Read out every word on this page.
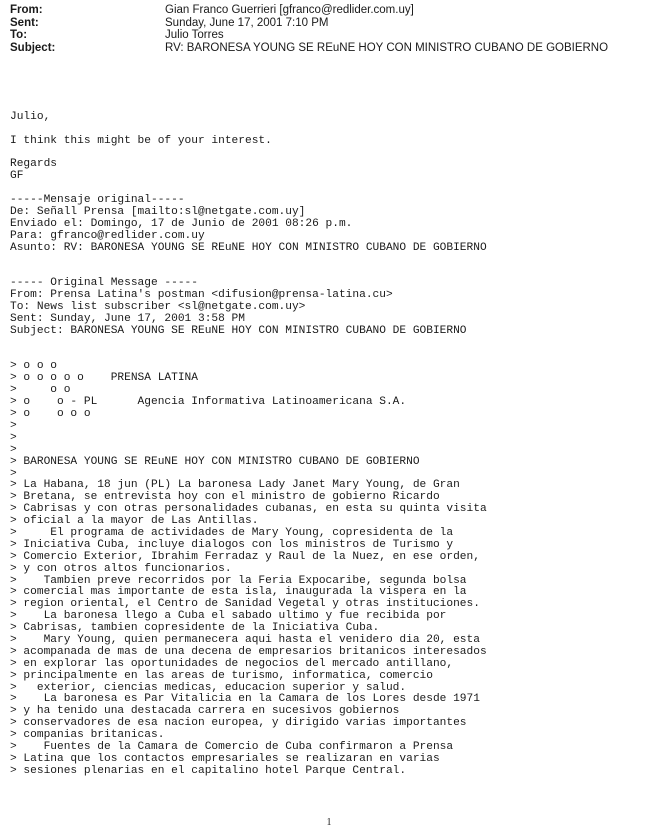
From:	Gian Franco Guerrieri [gfranco@redlider.com.uy]
Sent:	Sunday, June 17, 2001 7:10 PM
To:	Julio Torres
Subject:	RV: BARONESA YOUNG SE REuNE HOY CON MINISTRO CUBANO DE GOBIERNO
Julio,
I think this might be of your interest.
Regards
GF
-----Mensaje original-----
De: Señall Prensa [mailto:sl@netgate.com.uy]
Enviado el: Domingo, 17 de Junio de 2001 08:26 p.m.
Para: gfranco@redlider.com.uy
Asunto: RV: BARONESA YOUNG SE REuNE HOY CON MINISTRO CUBANO DE GOBIERNO
----- Original Message -----
From: Prensa Latina's postman <difusion@prensa-latina.cu>
To: News list subscriber <sl@netgate.com.uy>
Sent: Sunday, June 17, 2001 3:58 PM
Subject: BARONESA YOUNG SE REuNE HOY CON MINISTRO CUBANO DE GOBIERNO
> o o o
> o o o o o    PRENSA LATINA
>     o o
> o    o - PL      Agencia Informativa Latinoamericana S.A.
> o    o o o
>
>
>
> BARONESA YOUNG SE REuNE HOY CON MINISTRO CUBANO DE GOBIERNO
>
> La Habana, 18 jun (PL) La baronesa Lady Janet Mary Young, de Gran
> Bretana, se entrevista hoy con el ministro de gobierno Ricardo
> Cabrisas y con otras personalidades cubanas, en esta su quinta visita
> oficial a la mayor de Las Antillas.
>     El programa de actividades de Mary Young, copresidenta de la
> Iniciativa Cuba, incluye dialogos con los ministros de Turismo y
> Comercio Exterior, Ibrahim Ferradaz y Raul de la Nuez, en ese orden,
> y con otros altos funcionarios.
>    Tambien preve recorridos por la Feria Expocaribe, segunda bolsa
> comercial mas importante de esta isla, inaugurada la vispera en la
> region oriental, el Centro de Sanidad Vegetal y otras instituciones.
>    La baronesa llego a Cuba el sabado ultimo y fue recibida por
> Cabrisas, tambien copresidente de la Iniciativa Cuba.
>    Mary Young, quien permanecera aqui hasta el venidero dia 20, esta
> acompanada de mas de una decena de empresarios britanicos interesados
> en explorar las oportunidades de negocios del mercado antillano,
> principalmente en las areas de turismo, informatica, comercio
>   exterior, ciencias medicas, educacion superior y salud.
>    La baronesa es Par Vitalicia en la Camara de los Lores desde 1971
> y ha tenido una destacada carrera en sucesivos gobiernos
> conservadores de esa nacion europea, y dirigido varias importantes
> companias britanicas.
>    Fuentes de la Camara de Comercio de Cuba confirmaron a Prensa
> Latina que los contactos empresariales se realizaran en varias
> sesiones plenarias en el capitalino hotel Parque Central.
1
